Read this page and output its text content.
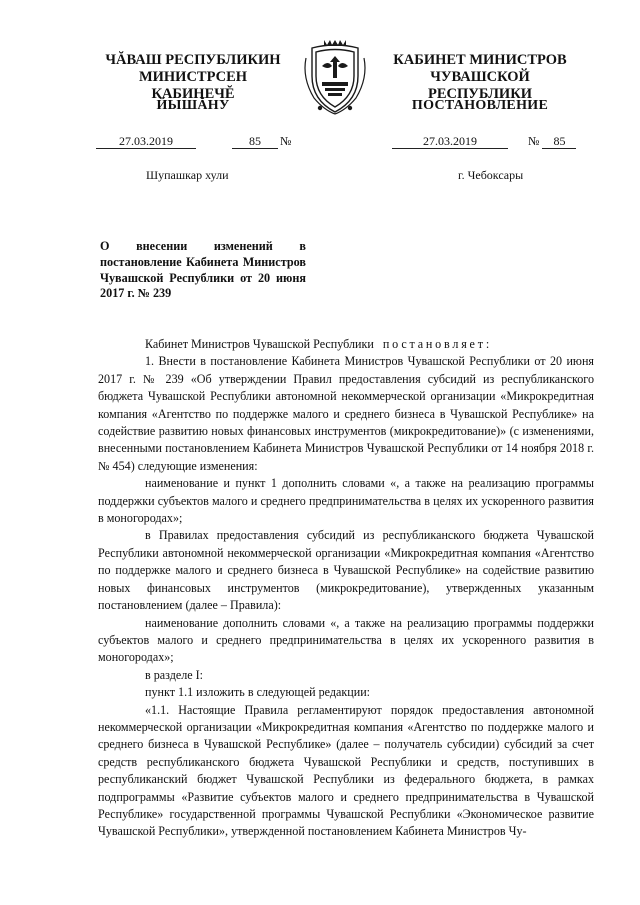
ЧĂВАШ РЕСПУБЛИКИН
МИНИСТРСЕН КАБИНЕЧĔ
ЙЫШĂНУ
КАБИНЕТ МИНИСТРОВ
ЧУВАШСКОЙ РЕСПУБЛИКИ
ПОСТАНОВЛЕНИЕ
27.03.2019	85 №	27.03.2019	№ 85
Шупашкар хули	г. Чебоксары
О внесении изменений в постановление Кабинета Министров Чувашской Республики от 20 июня 2017 г. № 239

Кабинет Министров Чувашской Республики постановляет:

1. Внести в постановление Кабинета Министров Чувашской Республики от 20 июня 2017 г. № 239 «Об утверждении Правил предоставления субсидий из республиканского бюджета Чувашской Республики автономной некоммерческой организации «Микрокредитная компания «Агентство по поддержке малого и среднего бизнеса в Чувашской Республике» на содействие развитию новых финансовых инструментов (микрокредитование)» (с изменениями, внесенными постановлением Кабинета Министров Чувашской Республики от 14 ноября 2018 г. № 454) следующие изменения:

наименование и пункт 1 дополнить словами «, а также на реализацию программы поддержки субъектов малого и среднего предпринимательства в целях их ускоренного развития в моногородах»;

в Правилах предоставления субсидий из республиканского бюджета Чувашской Республики автономной некоммерческой организации «Микрокредитная компания «Агентство по поддержке малого и среднего бизнеса в Чувашской Республике» на содействие развитию новых финансовых инструментов (микрокредитование), утвержденных указанным постановлением (далее – Правила):

наименование дополнить словами «, а также на реализацию программы поддержки субъектов малого и среднего предпринимательства в целях их ускоренного развития в моногородах»;

в разделе I:

пункт 1.1 изложить в следующей редакции:

«1.1. Настоящие Правила регламентируют порядок предоставления автономной некоммерческой организации «Микрокредитная компания «Агентство по поддержке малого и среднего бизнеса в Чувашской Республике» (далее – получатель субсидии) субсидий за счет средств республиканского бюджета Чувашской Республики и средств, поступивших в республиканский бюджет Чувашской Республики из федерального бюджета, в рамках подпрограммы «Развитие субъектов малого и среднего предпринимательства в Чувашской Республике» государственной программы Чувашской Республики «Экономическое развитие Чувашской Республики», утвержденной постановлением Кабинета Министров Чу-
